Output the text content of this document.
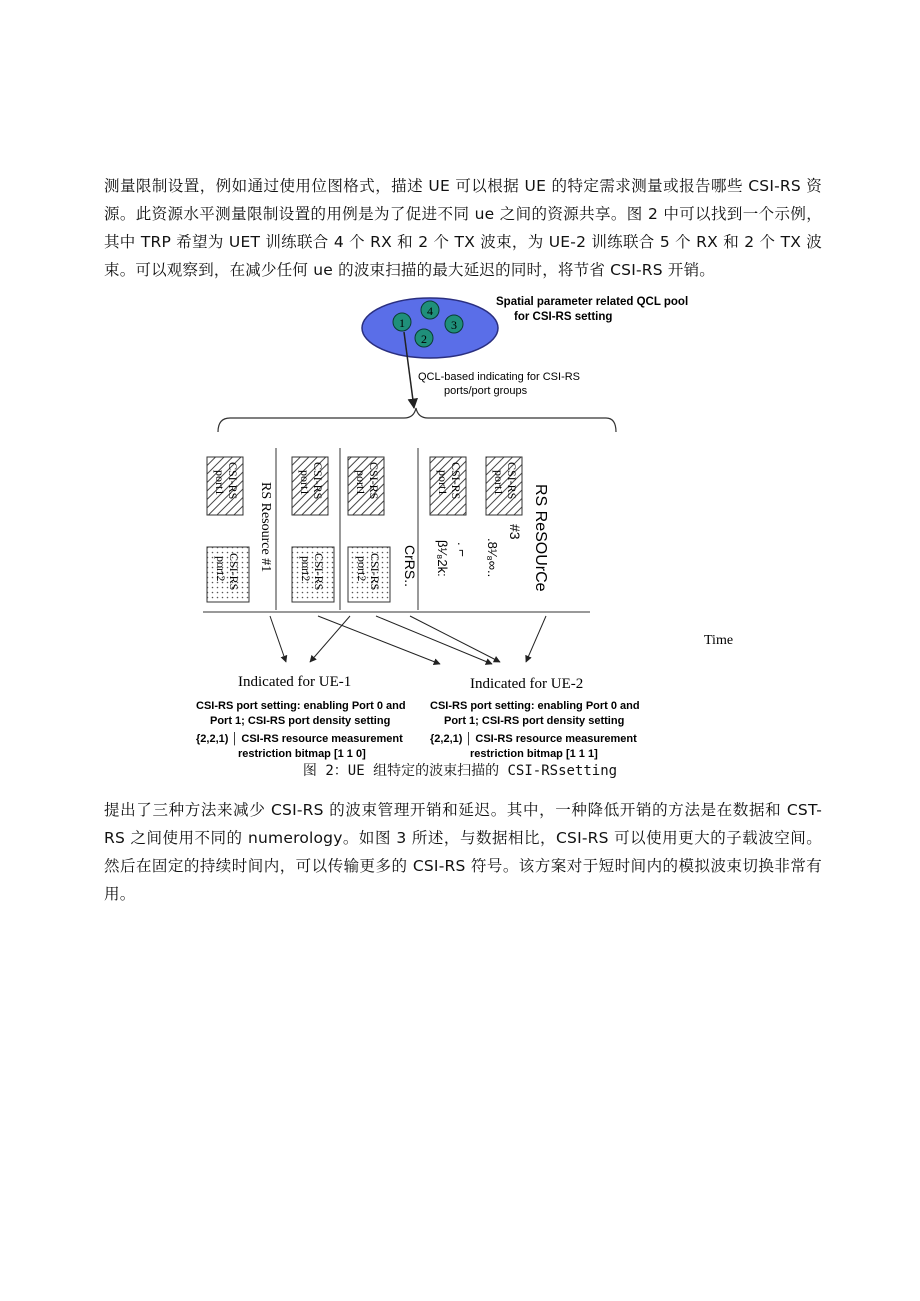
测量限制设置，例如通过使用位图格式，描述 UE 可以根据 UE 的特定需求测量或报告哪些 CSI-RS 资源。此资源水平测量限制设置的用例是为了促进不同 ue 之间的资源共享。图 2 中可以找到一个示例，其中 TRP 希望为 UET 训练联合 4 个 RX 和 2 个 TX 波束，为 UE-2 训练联合 5 个 RX 和 2 个 TX 波束。可以观察到，在减少任何 ue 的波束扫描的最大延迟的同时，将节省 CSI-RS 开销。

1
4
3
2
Spatial parameter related QCL pool
for CSI-RS setting
QCL-based indicating for CSI-RS
ports/port groups
CSI-RS
port1	CSI-RS
port1	CSI-RS
port1	CSI-RS
port1	CSI-RS
port1
CSI-RS
port2	CSI-RS
port2	CSI-RS
port2
RS Resource #1	RS ReSOUrCe
#3
.8¹⁄₈∞..
. ⌐
β¹⁄₈2k:
CrRS..
Time
Indicated for UE-1	Indicated for UE-2
CSI-RS port setting: enabling Port 0 and
Port 1; CSI-RS port density setting
{2,2,1) │ CSI-RS resource measurement
restriction bitmap [1 1 0]
CSI-RS port setting: enabling Port 0 and
Port 1; CSI-RS port density setting
{2,2,1) │ CSI-RS resource measurement
restriction bitmap [1 1 1]
图 2：UE 组特定的波束扫描的 CSI-RSsetting

提出了三种方法来减少 CSI-RS 的波束管理开销和延迟。其中，一种降低开销的方法是在数据和 CST-RS 之间使用不同的 numerology。如图 3 所述，与数据相比，CSI-RS 可以使用更大的子载波空间。然后在固定的持续时间内，可以传输更多的 CSI-RS 符号。该方案对于短时间内的模拟波束切换非常有用。
